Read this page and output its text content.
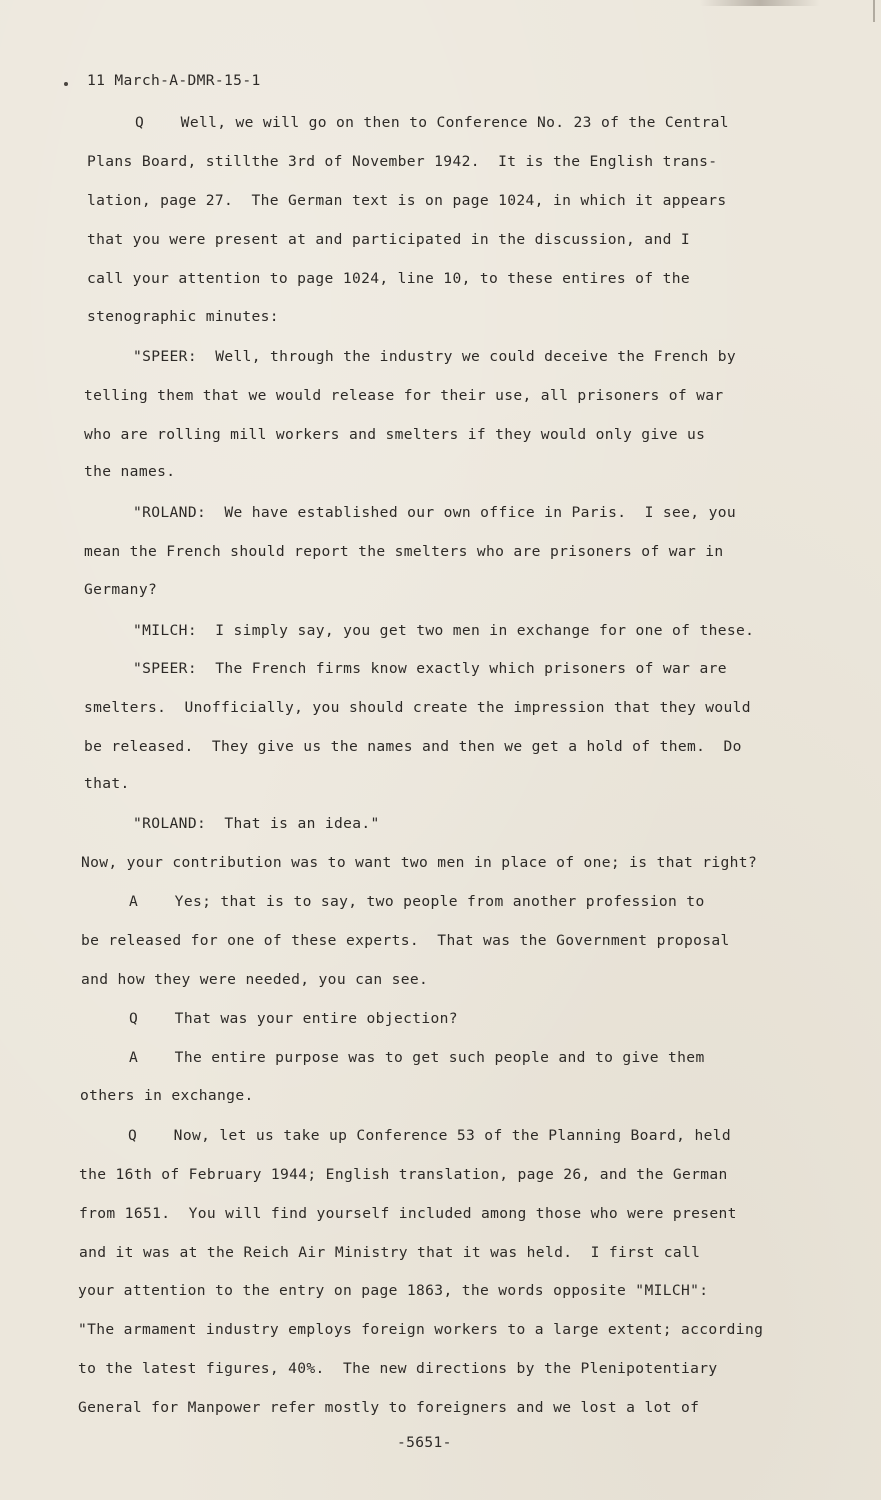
11 March-A-DMR-15-1

Q    Well, we will go on then to Conference No. 23 of the Central

Plans Board, stillthe 3rd of November 1942.  It is the English trans-

lation, page 27.  The German text is on page 1024, in which it appears

that you were present at and participated in the discussion, and I

call your attention to page 1024, line 10, to these entires of the

stenographic minutes:

"SPEER:  Well, through the industry we could deceive the French by

telling them that we would release for their use, all prisoners of war

who are rolling mill workers and smelters if they would only give us

the names.

"ROLAND:  We have established our own office in Paris.  I see, you

mean the French should report the smelters who are prisoners of war in

Germany?

"MILCH:  I simply say, you get two men in exchange for one of these.

"SPEER:  The French firms know exactly which prisoners of war are

smelters.  Unofficially, you should create the impression that they would

be released.  They give us the names and then we get a hold of them.  Do

that.

"ROLAND:  That is an idea."

Now, your contribution was to want two men in place of one; is that right?

A    Yes; that is to say, two people from another profession to

be released for one of these experts.  That was the Government proposal

and how they were needed, you can see.

Q    That was your entire objection?

A    The entire purpose was to get such people and to give them

others in exchange.

Q    Now, let us take up Conference 53 of the Planning Board, held

the 16th of February 1944; English translation, page 26, and the German

from 1651.  You will find yourself included among those who were present

and it was at the Reich Air Ministry that it was held.  I first call

your attention to the entry on page 1863, the words opposite "MILCH":

"The armament industry employs foreign workers to a large extent; according

to the latest figures, 40%.  The new directions by the Plenipotentiary

General for Manpower refer mostly to foreigners and we lost a lot of

-5651-
